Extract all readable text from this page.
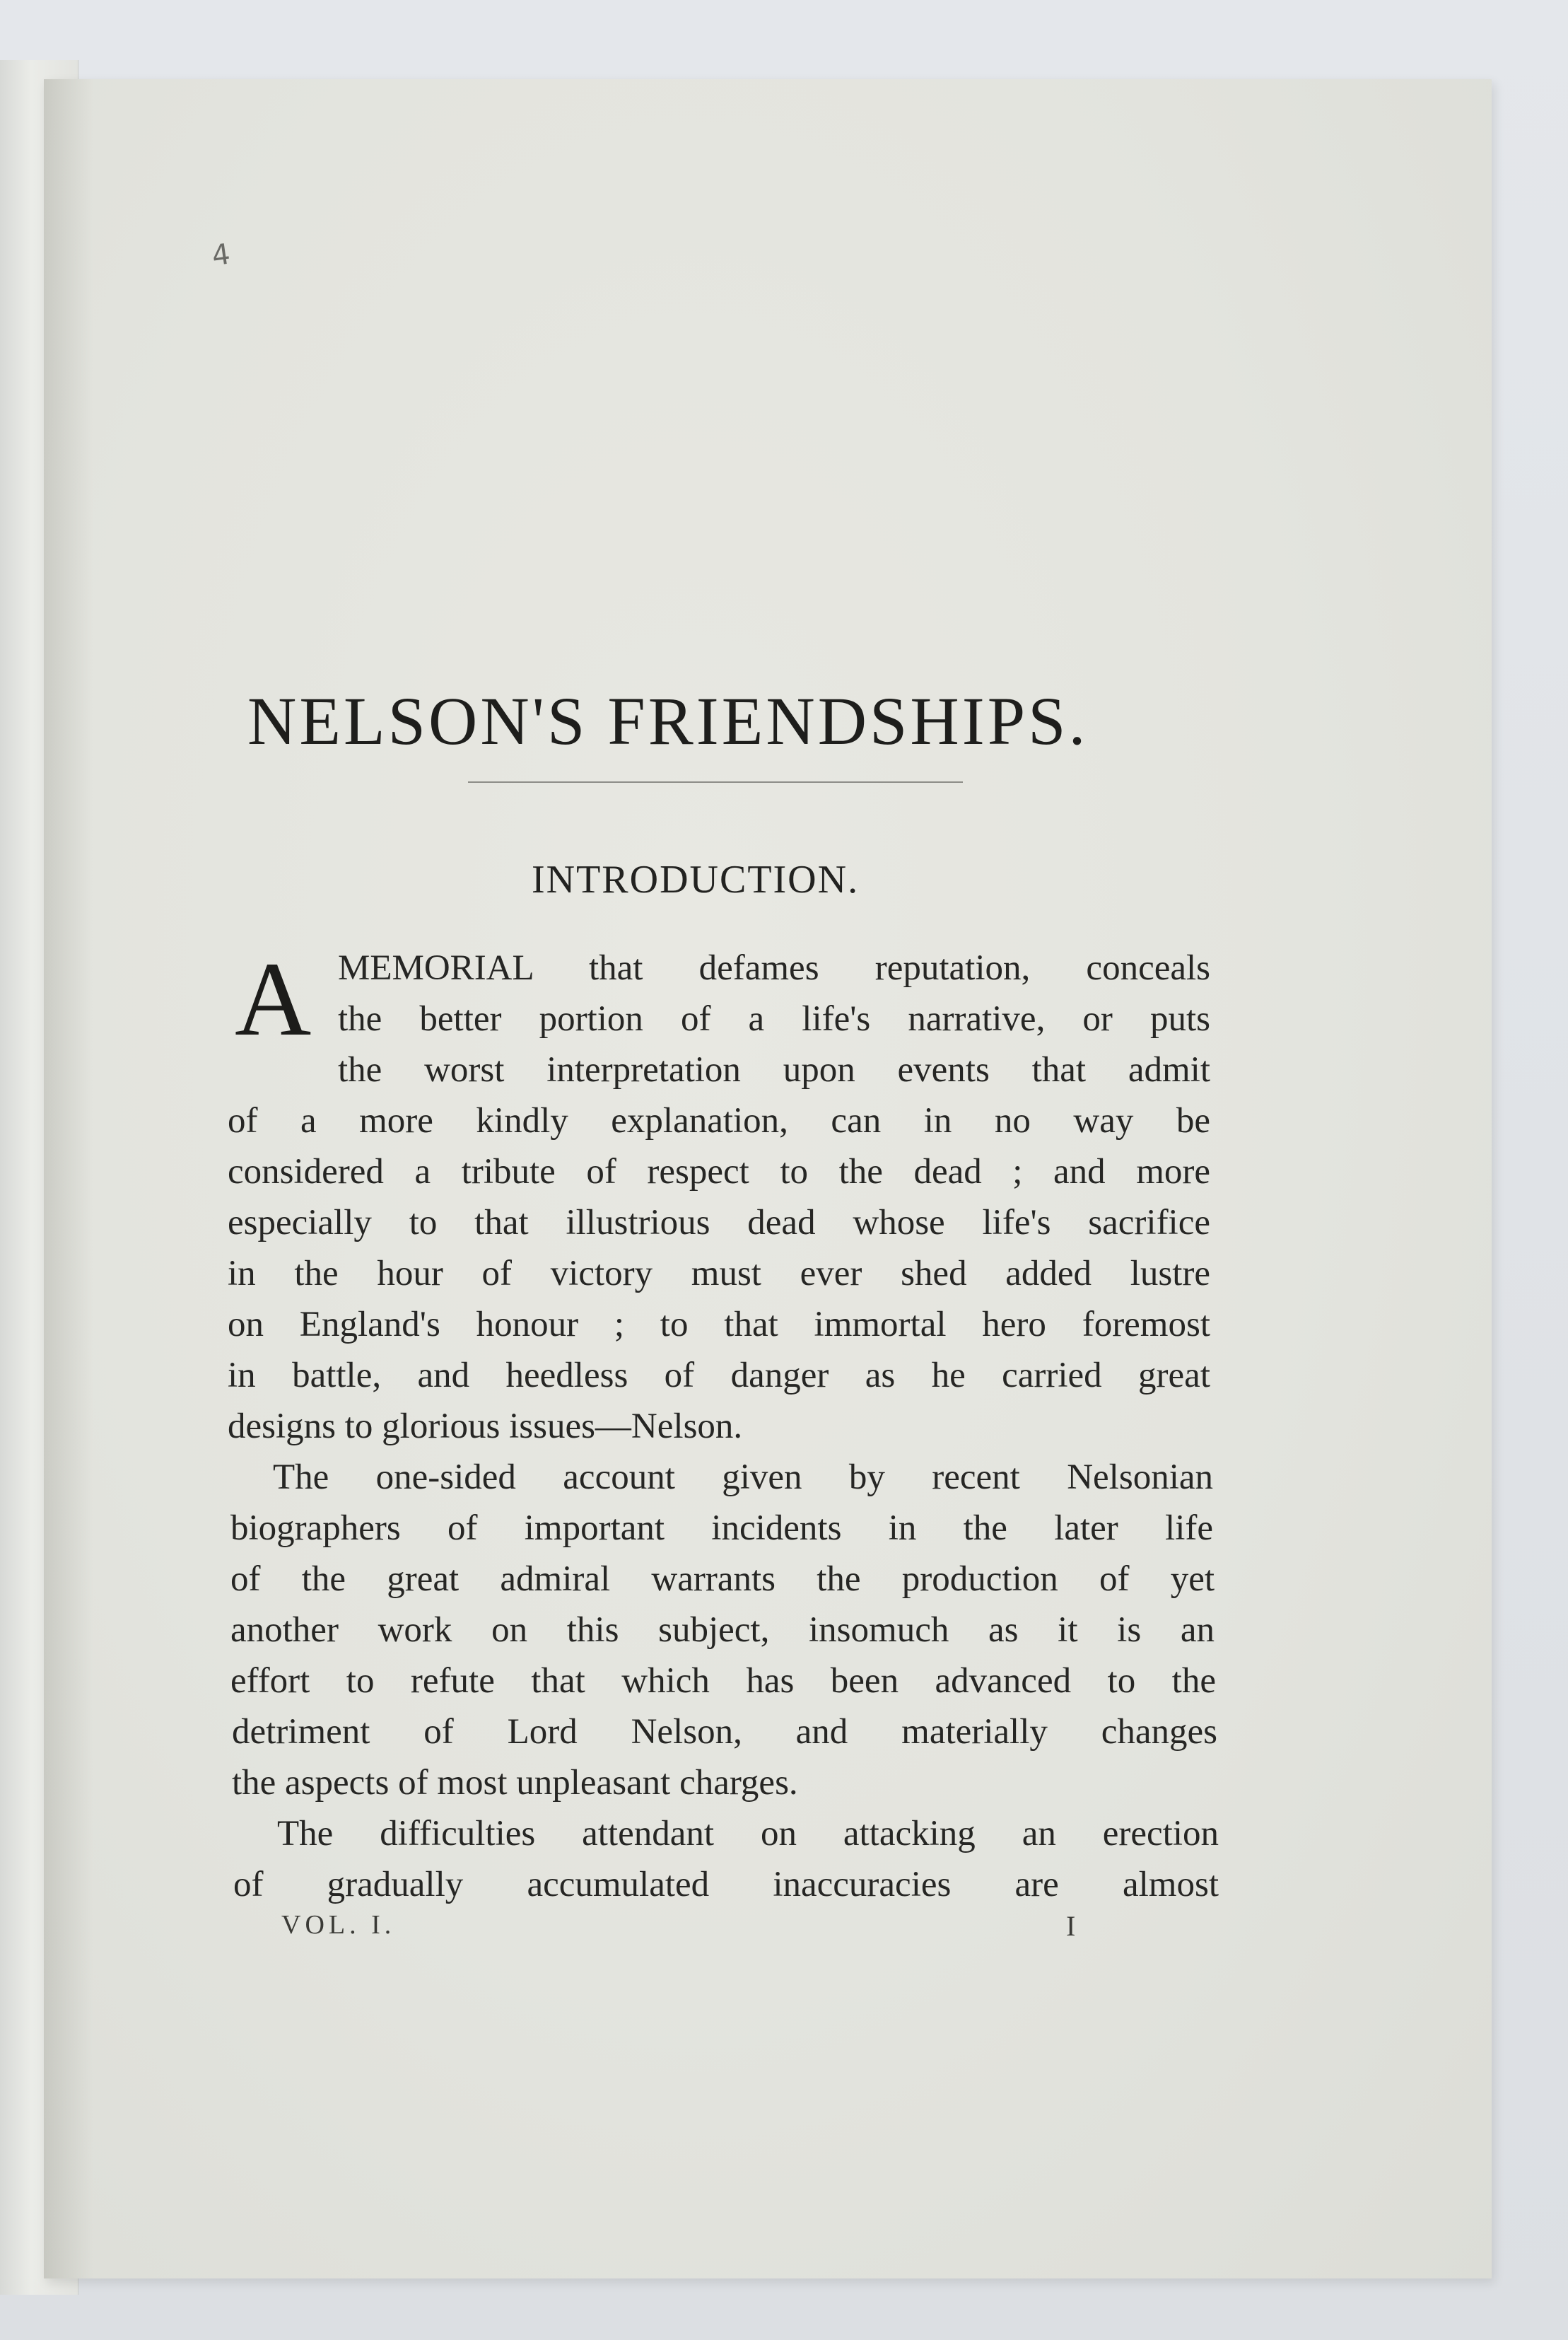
4
NELSON'S FRIENDSHIPS.
INTRODUCTION.
A MEMORIAL that defames reputation, conceals
the better portion of a life's narrative, or puts
the worst interpretation upon events that admit
of a more kindly explanation, can in no way be
considered a tribute of respect to the dead ; and more
especially to that illustrious dead whose life's sacrifice
in the hour of victory must ever shed added lustre
on England's honour ; to that immortal hero foremost
in battle, and heedless of danger as he carried great
designs to glorious issues—Nelson.
The one-sided account given by recent Nelsonian
biographers of important incidents in the later life
of the great admiral warrants the production of yet
another work on this subject, insomuch as it is an
effort to refute that which has been advanced to the
detriment of Lord Nelson, and materially changes
the aspects of most unpleasant charges.
The difficulties attendant on attacking an erection
of gradually accumulated inaccuracies are almost
VOL. I.	I
